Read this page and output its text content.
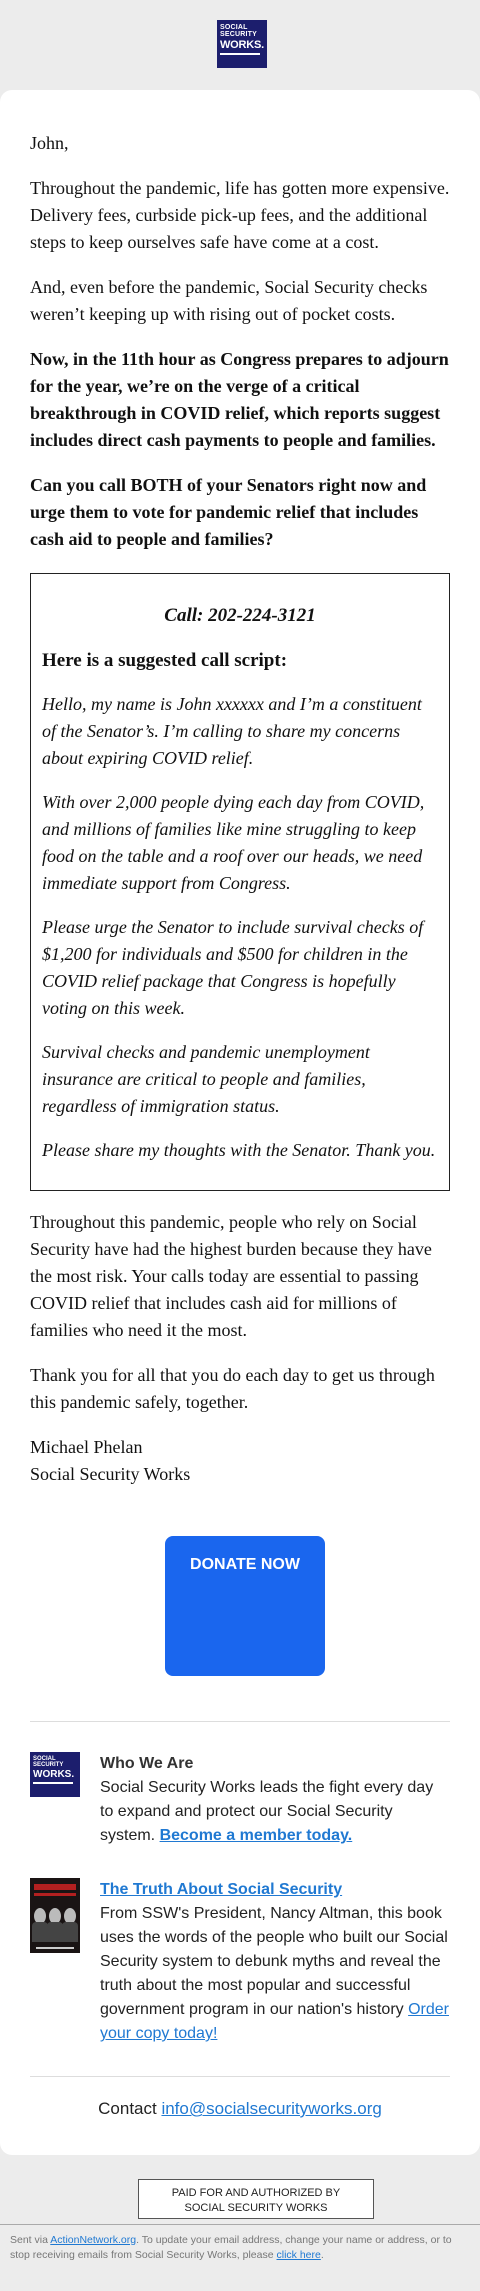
SOCIAL
SECURITY
WORKS.

John,

Throughout the pandemic, life has gotten more expensive. Delivery fees, curbside pick-up fees, and the additional steps to keep ourselves safe have come at a cost.

And, even before the pandemic, Social Security checks weren’t keeping up with rising out of pocket costs.

Now, in the 11th hour as Congress prepares to adjourn for the year, we’re on the verge of a critical breakthrough in COVID relief, which reports suggest includes direct cash payments to people and families.

Can you call BOTH of your Senators right now and urge them to vote for pandemic relief that includes cash aid to people and families?

Call: 202-224-3121

Here is a suggested call script:

Hello, my name is John xxxxxx and I’m a constituent of the Senator’s. I’m calling to share my concerns about expiring COVID relief.

With over 2,000 people dying each day from COVID, and millions of families like mine struggling to keep food on the table and a roof over our heads, we need immediate support from Congress.

Please urge the Senator to include survival checks of $1,200 for individuals and $500 for children in the COVID relief package that Congress is hopefully voting on this week.

Survival checks and pandemic unemployment insurance are critical to people and families, regardless of immigration status.

Please share my thoughts with the Senator. Thank you.

Throughout this pandemic, people who rely on Social Security have had the highest burden because they have the most risk. Your calls today are essential to passing COVID relief that includes cash aid for millions of families who need it the most.

Thank you for all that you do each day to get us through this pandemic safely, together.

Michael Phelan
Social Security Works

DONATE NOW
SOCIAL
SECURITY
WORKS.
Who We Are
Social Security Works leads the fight every day to expand and protect our Social Security system. Become a member today.
The Truth About Social Security
From SSW's President, Nancy Altman, this book uses the words of the people who built our Social Security system to debunk myths and reveal the truth about the most popular and successful government program in our nation's history Order your copy today!
Contact info@socialsecurityworks.org
PAID FOR AND AUTHORIZED BY
SOCIAL SECURITY WORKS
Sent via ActionNetwork.org. To update your email address, change your name or address, or to stop receiving emails from Social Security Works, please click here.
